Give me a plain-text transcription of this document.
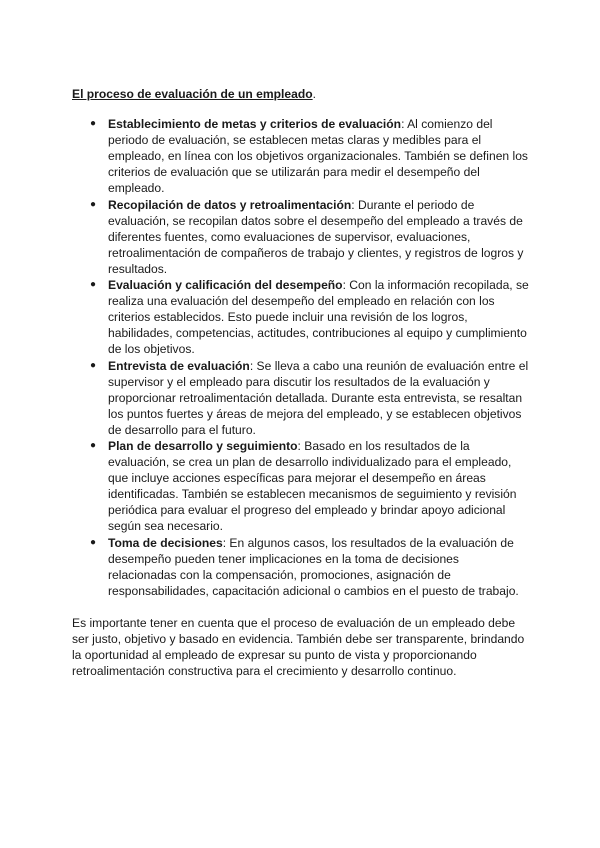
El proceso de evaluación de un empleado.

● Establecimiento de metas y criterios de evaluación: Al comienzo del periodo de evaluación, se establecen metas claras y medibles para el empleado, en línea con los objetivos organizacionales. También se definen los criterios de evaluación que se utilizarán para medir el desempeño del empleado.
● Recopilación de datos y retroalimentación: Durante el periodo de evaluación, se recopilan datos sobre el desempeño del empleado a través de diferentes fuentes, como evaluaciones de supervisor, evaluaciones, retroalimentación de compañeros de trabajo y clientes, y registros de logros y resultados.
● Evaluación y calificación del desempeño: Con la información recopilada, se realiza una evaluación del desempeño del empleado en relación con los criterios establecidos. Esto puede incluir una revisión de los logros, habilidades, competencias, actitudes, contribuciones al equipo y cumplimiento de los objetivos.
● Entrevista de evaluación: Se lleva a cabo una reunión de evaluación entre el supervisor y el empleado para discutir los resultados de la evaluación y proporcionar retroalimentación detallada. Durante esta entrevista, se resaltan los puntos fuertes y áreas de mejora del empleado, y se establecen objetivos de desarrollo para el futuro.
● Plan de desarrollo y seguimiento: Basado en los resultados de la evaluación, se crea un plan de desarrollo individualizado para el empleado, que incluye acciones específicas para mejorar el desempeño en áreas identificadas. También se establecen mecanismos de seguimiento y revisión periódica para evaluar el progreso del empleado y brindar apoyo adicional según sea necesario.
● Toma de decisiones: En algunos casos, los resultados de la evaluación de desempeño pueden tener implicaciones en la toma de decisiones relacionadas con la compensación, promociones, asignación de responsabilidades, capacitación adicional o cambios en el puesto de trabajo.

Es importante tener en cuenta que el proceso de evaluación de un empleado debe ser justo, objetivo y basado en evidencia. También debe ser transparente, brindando la oportunidad al empleado de expresar su punto de vista y proporcionando retroalimentación constructiva para el crecimiento y desarrollo continuo.
